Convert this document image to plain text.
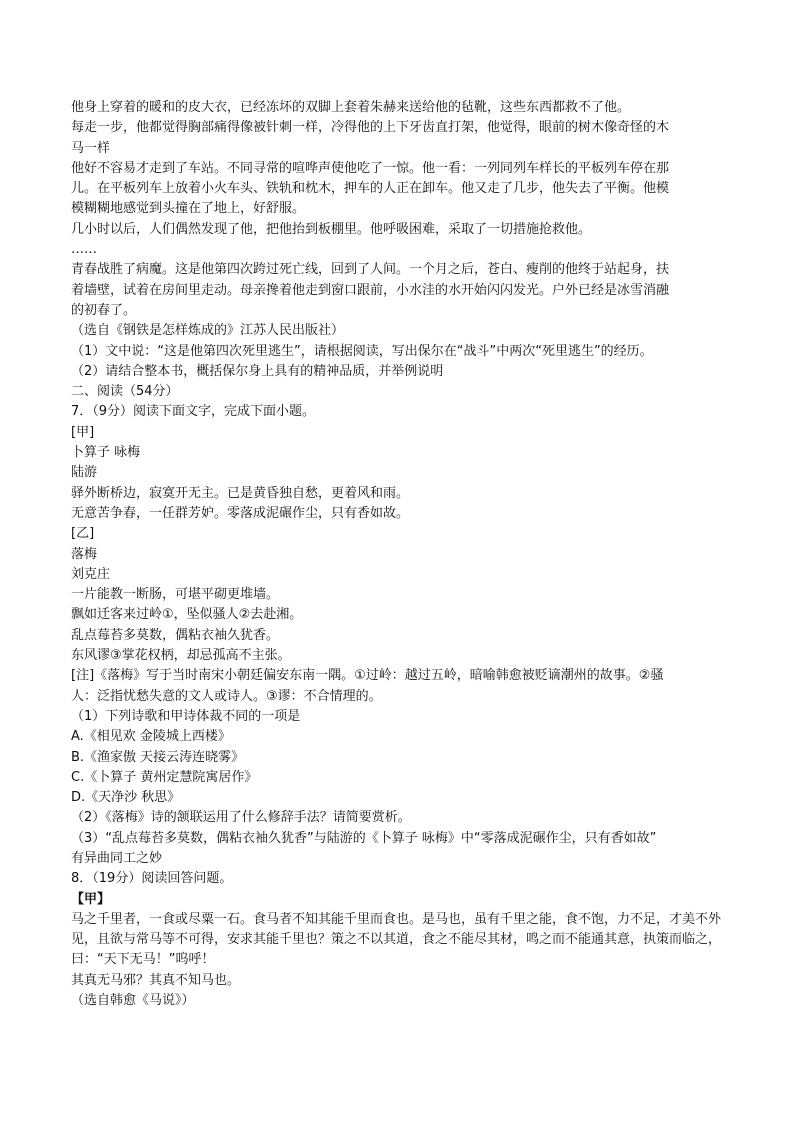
他身上穿着的暖和的皮大衣，已经冻坏的双脚上套着朱赫来送给他的毡靴，这些东西都救不了他。

每走一步，他都觉得胸部痛得像被针刺一样，冷得他的上下牙齿直打架，他觉得，眼前的树木像奇怪的木

马一样

他好不容易才走到了车站。不同寻常的喧哗声使他吃了一惊。他一看：一列同列车样长的平板列车停在那

儿。在平板列车上放着小火车头、铁轨和枕木，押车的人正在卸车。他又走了几步，他失去了平衡。他模

模糊糊地感觉到头撞在了地上，好舒服。

几小时以后，人们偶然发现了他，把他抬到板棚里。他呼吸困难，采取了一切措施抢救他。

……

青春战胜了病魔。这是他第四次跨过死亡线，回到了人间。一个月之后，苍白、瘦削的他终于站起身，扶

着墙壁，试着在房间里走动。母亲搀着他走到窗口跟前，小水洼的水开始闪闪发光。户外已经是冰雪消融

的初春了。

（选自《钢铁是怎样炼成的》江苏人民出版社）

（1）文中说：“这是他第四次死里逃生”，请根据阅读，写出保尔在“战斗”中两次“死里逃生”的经历。

（2）请结合整本书，概括保尔身上具有的精神品质，并举例说明

二、阅读（54分）

7．（9分）阅读下面文字，完成下面小题。

[甲]

卜算子 咏梅

陆游

驿外断桥边，寂寞开无主。已是黄昏独自愁，更着风和雨。

无意苦争春，一任群芳妒。零落成泥碾作尘，只有香如故。

[乙]

落梅

刘克庄

一片能教一断肠，可堪平砌更堆墙。

飘如迁客来过岭①，坠似骚人②去赴湘。

乱点莓苔多莫数，偶粘衣袖久犹香。

东风谬③掌花权柄，却忌孤高不主张。

[注]《落梅》写于当时南宋小朝廷偏安东南一隅。①过岭：越过五岭，暗喻韩愈被贬谪潮州的故事。②骚

人：泛指忧愁失意的文人或诗人。③谬：不合情理的。

（1）下列诗歌和甲诗体裁不同的一项是

A.《相见欢 金陵城上西楼》

B.《渔家傲 天接云涛连晓雾》

C.《卜算子 黄州定慧院寓居作》

D.《天净沙 秋思》

（2）《落梅》诗的颔联运用了什么修辞手法？请简要赏析。

（3）“乱点莓苔多莫数，偶粘衣袖久犹香”与陆游的《卜算子 咏梅》中“零落成泥碾作尘，只有香如故”

有异曲同工之妙

8．（19分）阅读回答问题。

【甲】

马之千里者，一食或尽粟一石。食马者不知其能千里而食也。是马也，虽有千里之能，食不饱，力不足，才美不外

见，且欲与常马等不可得，安求其能千里也？策之不以其道，食之不能尽其材，鸣之而不能通其意，执策而临之，曰：“天下无马！”呜呼！

其真无马邪？其真不知马也。

（选自韩愈《马说》）
